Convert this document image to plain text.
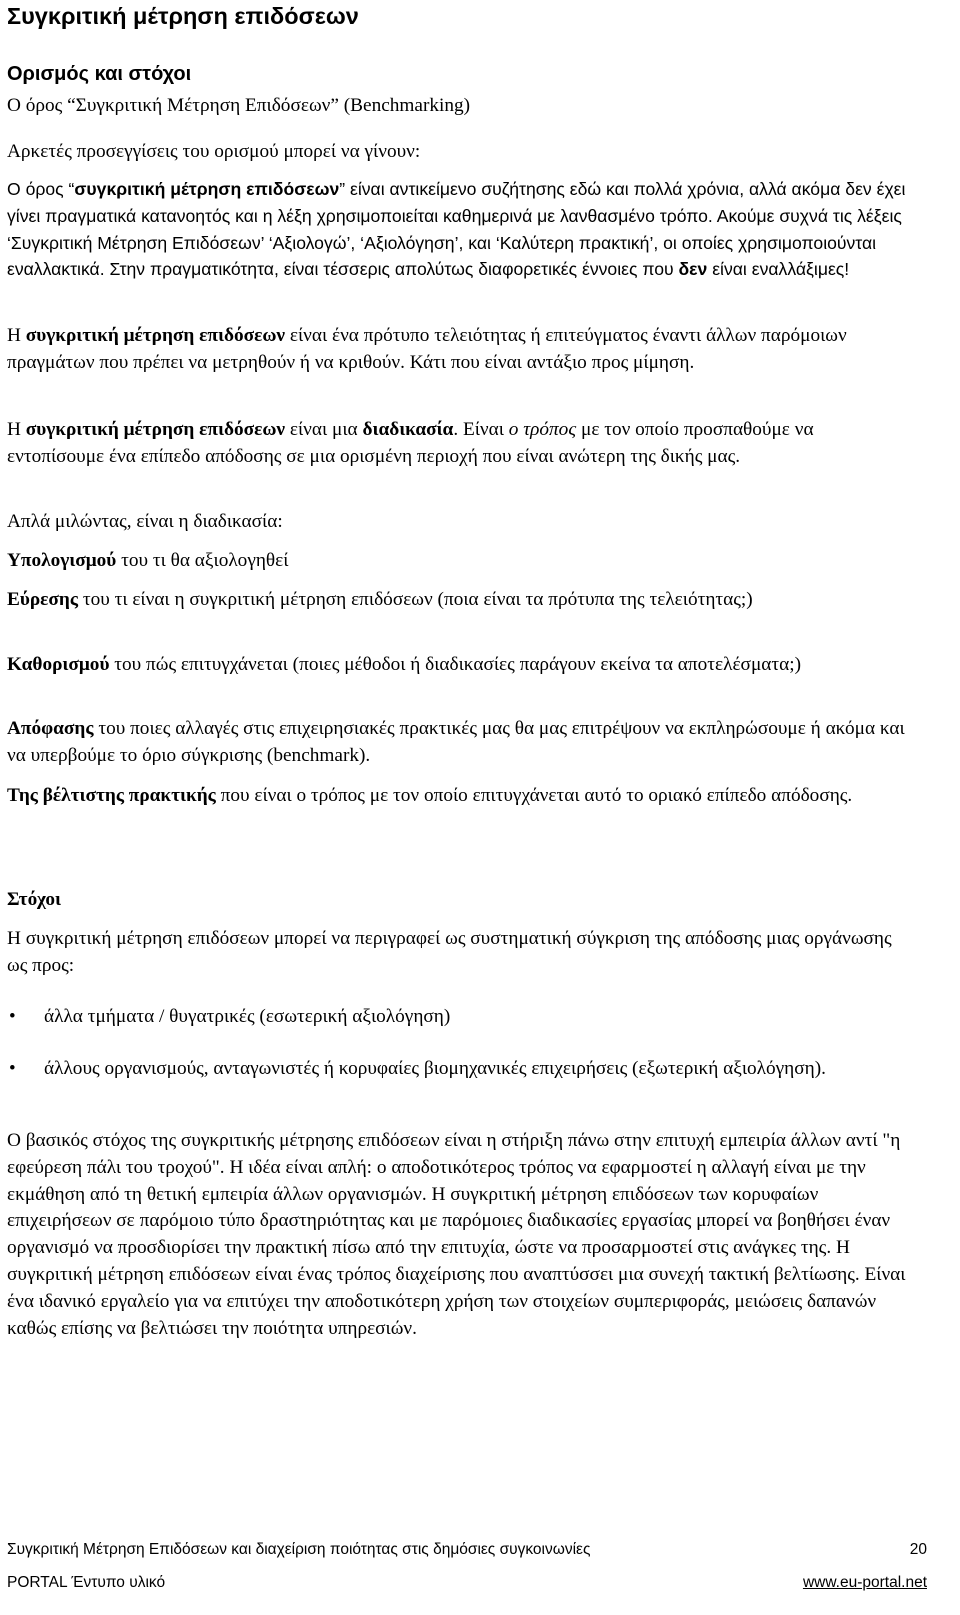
Συγκριτική μέτρηση επιδόσεων
Ορισμός και στόχοι

Ο όρος “Συγκριτική Μέτρηση Επιδόσεων” (Benchmarking)

Αρκετές προσεγγίσεις του ορισμού μπορεί να γίνουν:

Ο όρος “συγκριτική μέτρηση επιδόσεων” είναι αντικείμενο συζήτησης εδώ και πολλά χρόνια, αλλά ακόμα δεν έχει γίνει πραγματικά κατανοητός και η λέξη χρησιμοποιείται καθημερινά με λανθασμένο τρόπο. Ακούμε συχνά τις λέξεις ‘Συγκριτική Μέτρηση Επιδόσεων’ ‘Αξιολογώ’, ‘Αξιολόγηση’, και ‘Καλύτερη πρακτική’, οι οποίες χρησιμοποιούνται εναλλακτικά. Στην πραγματικότητα, είναι τέσσερις απολύτως διαφορετικές έννοιες που δεν είναι εναλλάξιμες!

Η συγκριτική μέτρηση επιδόσεων είναι ένα πρότυπο τελειότητας ή επιτεύγματος έναντι άλλων παρόμοιων πραγμάτων που πρέπει να μετρηθούν ή να κριθούν. Κάτι που είναι αντάξιο προς μίμηση.

Η συγκριτική μέτρηση επιδόσεων είναι μια διαδικασία. Είναι ο τρόπος με τον οποίο προσπαθούμε να εντοπίσουμε ένα επίπεδο απόδοσης σε μια ορισμένη περιοχή που είναι ανώτερη της δικής μας.

Απλά μιλώντας, είναι η διαδικασία:

Υπολογισμού του τι θα αξιολογηθεί

Εύρεσης του τι είναι η συγκριτική μέτρηση επιδόσεων (ποια είναι τα πρότυπα της τελειότητας;)

Καθορισμού του πώς επιτυγχάνεται (ποιες μέθοδοι ή διαδικασίες παράγουν εκείνα τα αποτελέσματα;)

Απόφασης του ποιες αλλαγές στις επιχειρησιακές πρακτικές μας θα μας επιτρέψουν να εκπληρώσουμε ή ακόμα και να υπερβούμε το όριο σύγκρισης (benchmark).

Της βέλτιστης πρακτικής που είναι ο τρόπος με τον οποίο επιτυγχάνεται αυτό το οριακό επίπεδο απόδοσης.

Στόχοι

Η συγκριτική μέτρηση επιδόσεων μπορεί να περιγραφεί ως συστηματική σύγκριση της απόδοσης μιας οργάνωσης ως προς:

• άλλα τμήματα / θυγατρικές (εσωτερική αξιολόγηση)
• άλλους οργανισμούς, ανταγωνιστές ή κορυφαίες βιομηχανικές επιχειρήσεις (εξωτερική αξιολόγηση).

Ο βασικός στόχος της συγκριτικής μέτρησης επιδόσεων είναι η στήριξη πάνω στην επιτυχή εμπειρία άλλων αντί "η εφεύρεση πάλι του τροχού". Η ιδέα είναι απλή: ο αποδοτικότερος τρόπος να εφαρμοστεί η αλλαγή είναι με την εκμάθηση από τη θετική εμπειρία άλλων οργανισμών. Η συγκριτική μέτρηση επιδόσεων των κορυφαίων επιχειρήσεων σε παρόμοιο τύπο δραστηριότητας και με παρόμοιες διαδικασίες εργασίας μπορεί να βοηθήσει έναν οργανισμό να προσδιορίσει την πρακτική πίσω από την επιτυχία, ώστε να προσαρμοστεί στις ανάγκες της. Η συγκριτική μέτρηση επιδόσεων είναι ένας τρόπος διαχείρισης που αναπτύσσει μια συνεχή τακτική βελτίωσης. Είναι ένα ιδανικό εργαλείο για να επιτύχει την αποδοτικότερη χρήση των στοιχείων συμπεριφοράς, μειώσεις δαπανών καθώς επίσης να βελτιώσει την ποιότητα υπηρεσιών.

Συγκριτική Μέτρηση Επιδόσεων και διαχείριση ποιότητας στις δημόσιες συγκοινωνίες	20
PORTAL Έντυπο υλικό	www.eu-portal.net
